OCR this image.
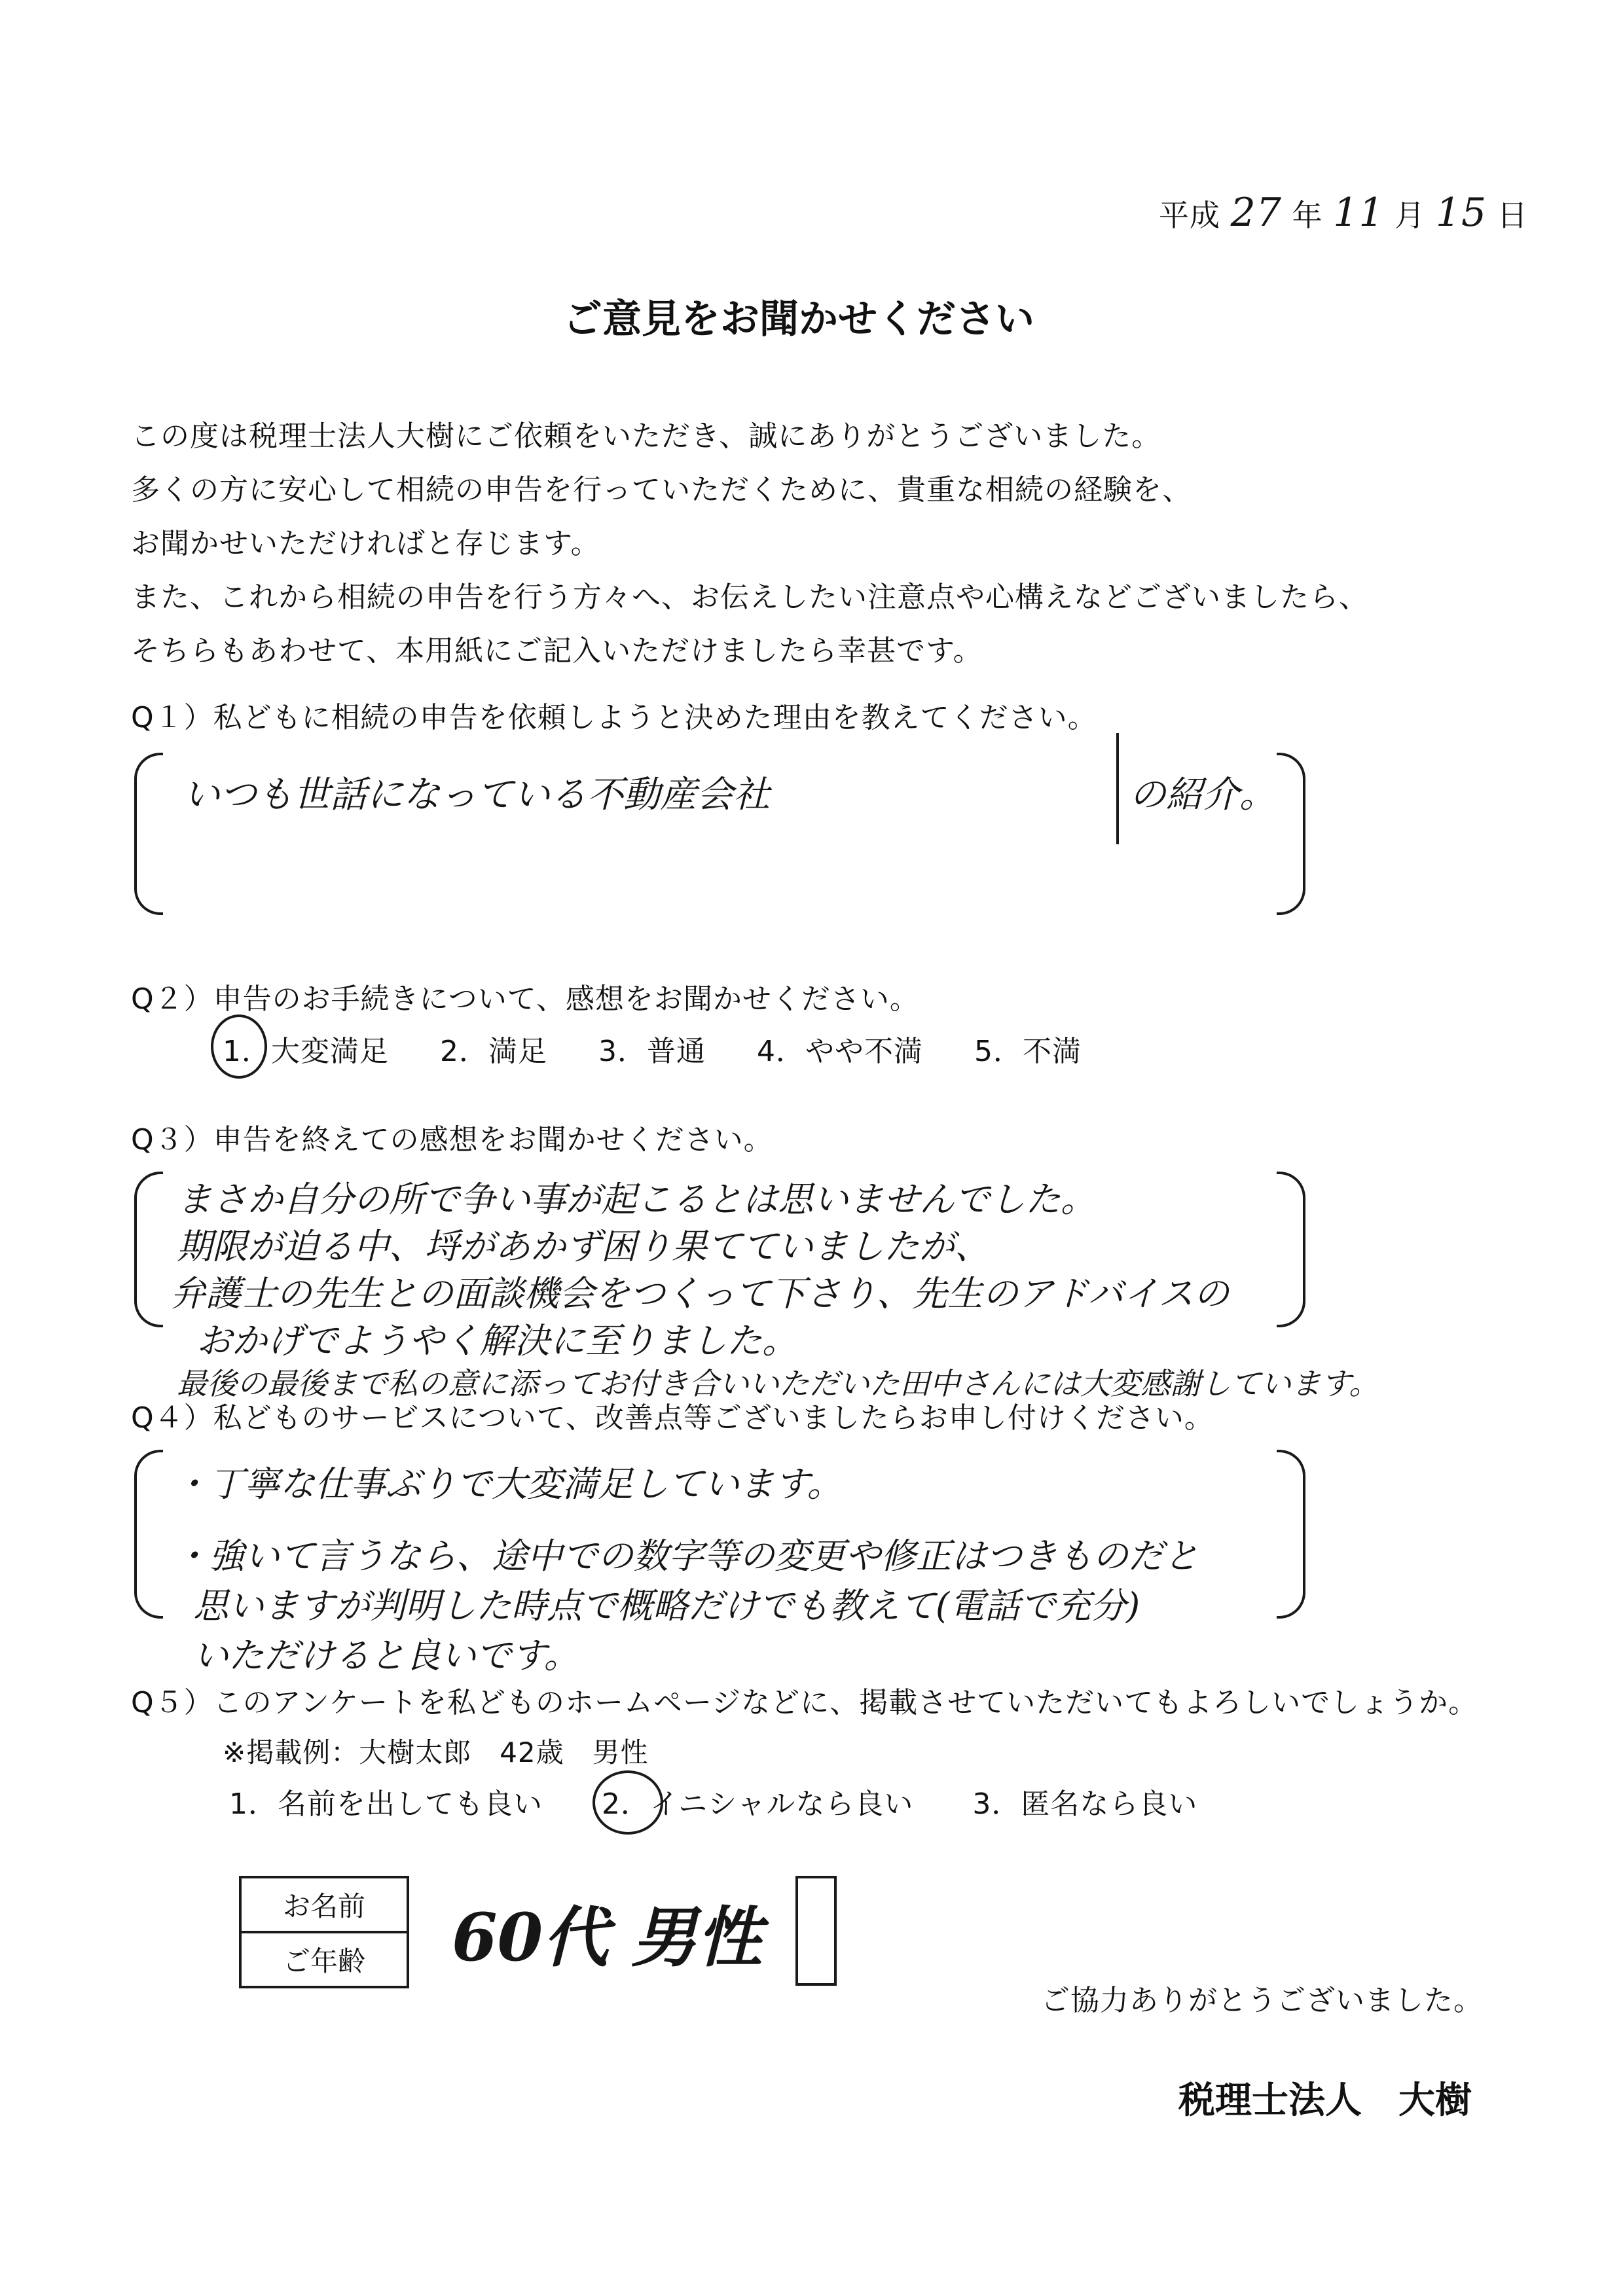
平成 27 年 11 月 15 日
ご意見をお聞かせください
この度は税理士法人大樹にご依頼をいただき、誠にありがとうございました。
多くの方に安心して相続の申告を行っていただくために、貴重な相続の経験を、
お聞かせいただければと存じます。
また、これから相続の申告を行う方々へ、お伝えしたい注意点や心構えなどございましたら、
そちらもあわせて、本用紙にご記入いただけましたら幸甚です。
Q１）私どもに相続の申告を依頼しようと決めた理由を教えてください。
いつも世話になっている不動産会社	の紹介。
Q２）申告のお手続きについて、感想をお聞かせください。
1．大変満足 2．満足 3．普通 4．やや不満 5．不満
Q３）申告を終えての感想をお聞かせください。
まさか自分の所で争い事が起こるとは思いませんでした。
期限が迫る中、埒があかず困り果てていましたが、
弁護士の先生との面談機会をつくって下さり、先生のアドバイスの
おかげでようやく解決に至りました。
最後の最後まで私の意に添ってお付き合いいただいた田中さんには大変感謝しています。
Q４）私どものサービスについて、改善点等ございましたらお申し付けください。
・丁寧な仕事ぶりで大変満足しています。
・強いて言うなら、途中での数字等の変更や修正はつきものだと
思いますが判明した時点で概略だけでも教えて(電話で充分)
いただけると良いです。
Q５）このアンケートを私どものホームページなどに、掲載させていただいてもよろしいでしょうか。
※掲載例：大樹太郎　42歳　男性
1．名前を出しても良い 2．イニシャルなら良い 3．匿名なら良い
お名前
ご年齢 60代 男性
ご協力ありがとうございました。
税理士法人　大樹
